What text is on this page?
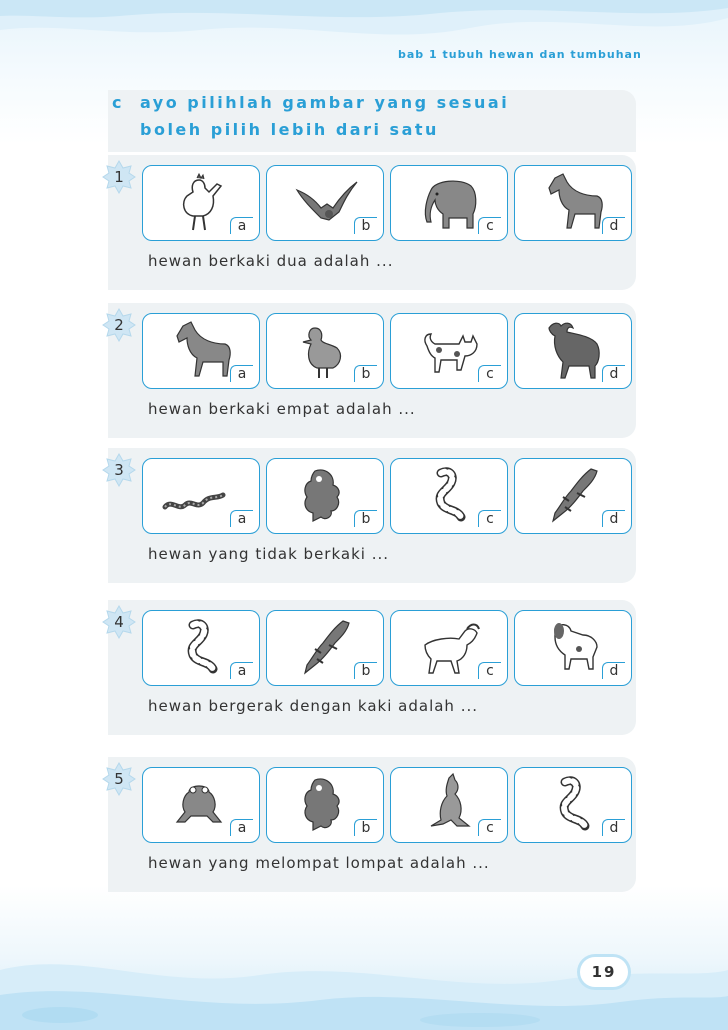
bab 1 tubuh hewan dan tumbuhan
c ayo pilihlah gambar yang sesuai
boleh pilih lebih dari satu
1
a	b	c	d
hewan berkaki dua adalah ...
2
a	b	c	d
hewan berkaki empat adalah ...
3
a	b	c	d
hewan yang tidak berkaki ...
4
a	b	c	d
hewan bergerak dengan kaki adalah ...
5
a	b	c	d
hewan yang melompat lompat adalah ...
19
